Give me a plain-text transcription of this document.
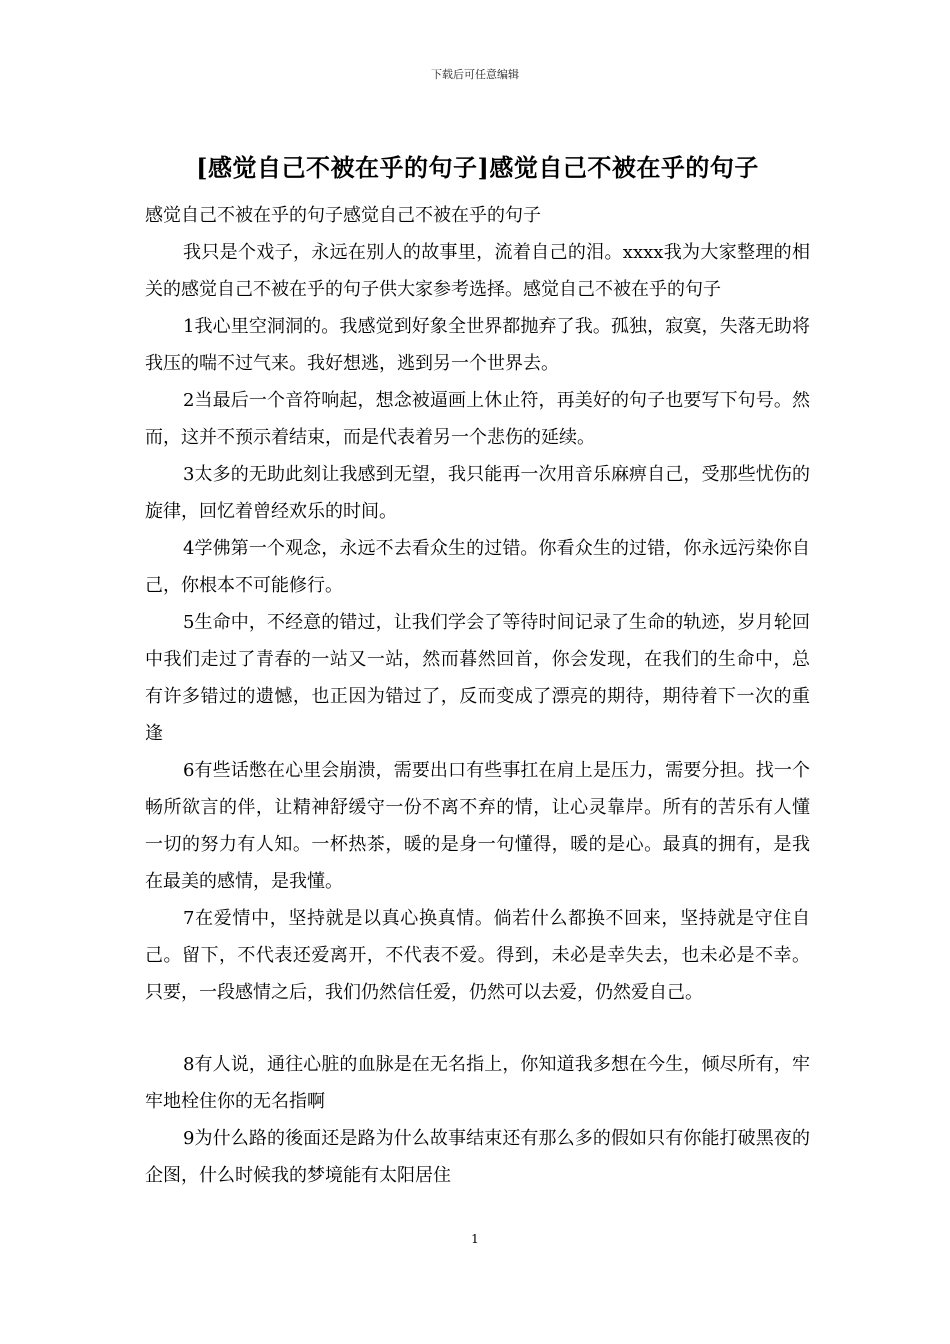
下载后可任意编辑
[感觉自己不被在乎的句子]感觉自己不被在乎的句子

感觉自己不被在乎的句子感觉自己不被在乎的句子

我只是个戏子，永远在别人的故事里，流着自己的泪。xxxx我为大家整理的相关的感觉自己不被在乎的句子供大家参考选择。感觉自己不被在乎的句子

1我心里空洞洞的。我感觉到好象全世界都抛弃了我。孤独，寂寞，失落无助将我压的喘不过气来。我好想逃，逃到另一个世界去。

2当最后一个音符响起，想念被逼画上休止符，再美好的句子也要写下句号。然而，这并不预示着结束，而是代表着另一个悲伤的延续。

3太多的无助此刻让我感到无望，我只能再一次用音乐麻痹自己，受那些忧伤的旋律，回忆着曾经欢乐的时间。

4学佛第一个观念，永远不去看众生的过错。你看众生的过错，你永远污染你自己，你根本不可能修行。

5生命中，不经意的错过，让我们学会了等待时间记录了生命的轨迹，岁月轮回中我们走过了青春的一站又一站，然而暮然回首，你会发现，在我们的生命中，总有许多错过的遗憾，也正因为错过了，反而变成了漂亮的期待，期待着下一次的重逢

6有些话憋在心里会崩溃，需要出口有些事扛在肩上是压力，需要分担。找一个畅所欲言的伴，让精神舒缓守一份不离不弃的情，让心灵靠岸。所有的苦乐有人懂一切的努力有人知。一杯热茶，暖的是身一句懂得，暖的是心。最真的拥有，是我在最美的感情，是我懂。

7在爱情中，坚持就是以真心换真情。倘若什么都换不回来，坚持就是守住自己。留下，不代表还爱离开，不代表不爱。得到，未必是幸失去，也未必是不幸。只要，一段感情之后，我们仍然信任爱，仍然可以去爱，仍然爱自己。

8有人说，通往心脏的血脉是在无名指上，你知道我多想在今生，倾尽所有，牢牢地栓住你的无名指啊

9为什么路的後面还是路为什么故事结束还有那么多的假如只有你能打破黑夜的企图，什么时候我的梦境能有太阳居住

1
